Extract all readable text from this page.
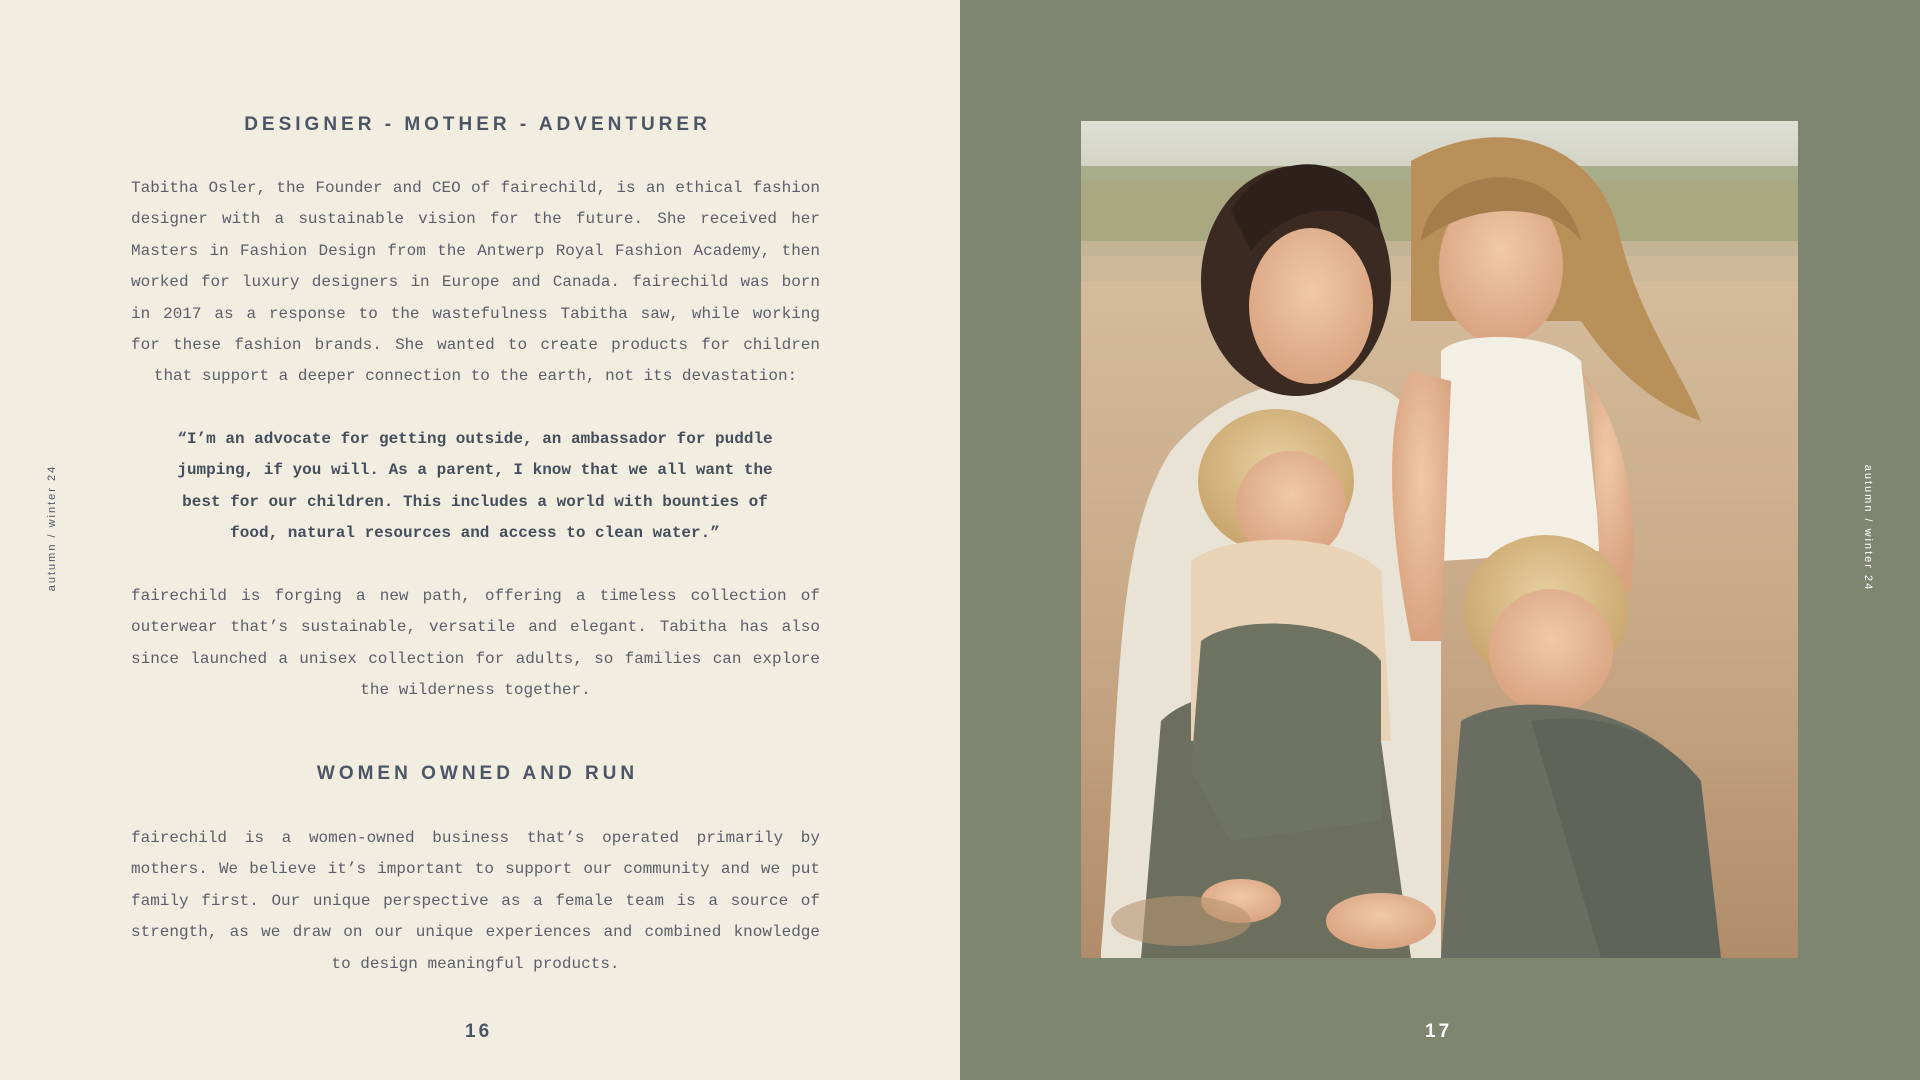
autumn / winter 24
DESIGNER - MOTHER - ADVENTURER

Tabitha Osler, the Founder and CEO of fairechild, is an ethical fashion designer with a sustainable vision for the future. She received her Masters in Fashion Design from the Antwerp Royal Fashion Academy, then worked for luxury designers in Europe and Canada. fairechild was born in 2017 as a response to the wastefulness Tabitha saw, while working for these fashion brands. She wanted to create products for children that support a deeper connection to the earth, not its devastation:

“I’m an advocate for getting outside, an ambassador for puddle jumping, if you will. As a parent, I know that we all want the best for our children. This includes a world with bounties of food, natural resources and access to clean water.”

fairechild is forging a new path, offering a timeless collection of outerwear that’s sustainable, versatile and elegant. Tabitha has also since launched a unisex collection for adults, so families can explore the wilderness together.

WOMEN OWNED AND RUN

fairechild is a women-owned business that’s operated primarily by mothers. We believe it’s important to support our community and we put family first. Our unique perspective as a female team is a source of strength, as we draw on our unique experiences and combined knowledge to design meaningful products.

16
autumn / winter 24
17
